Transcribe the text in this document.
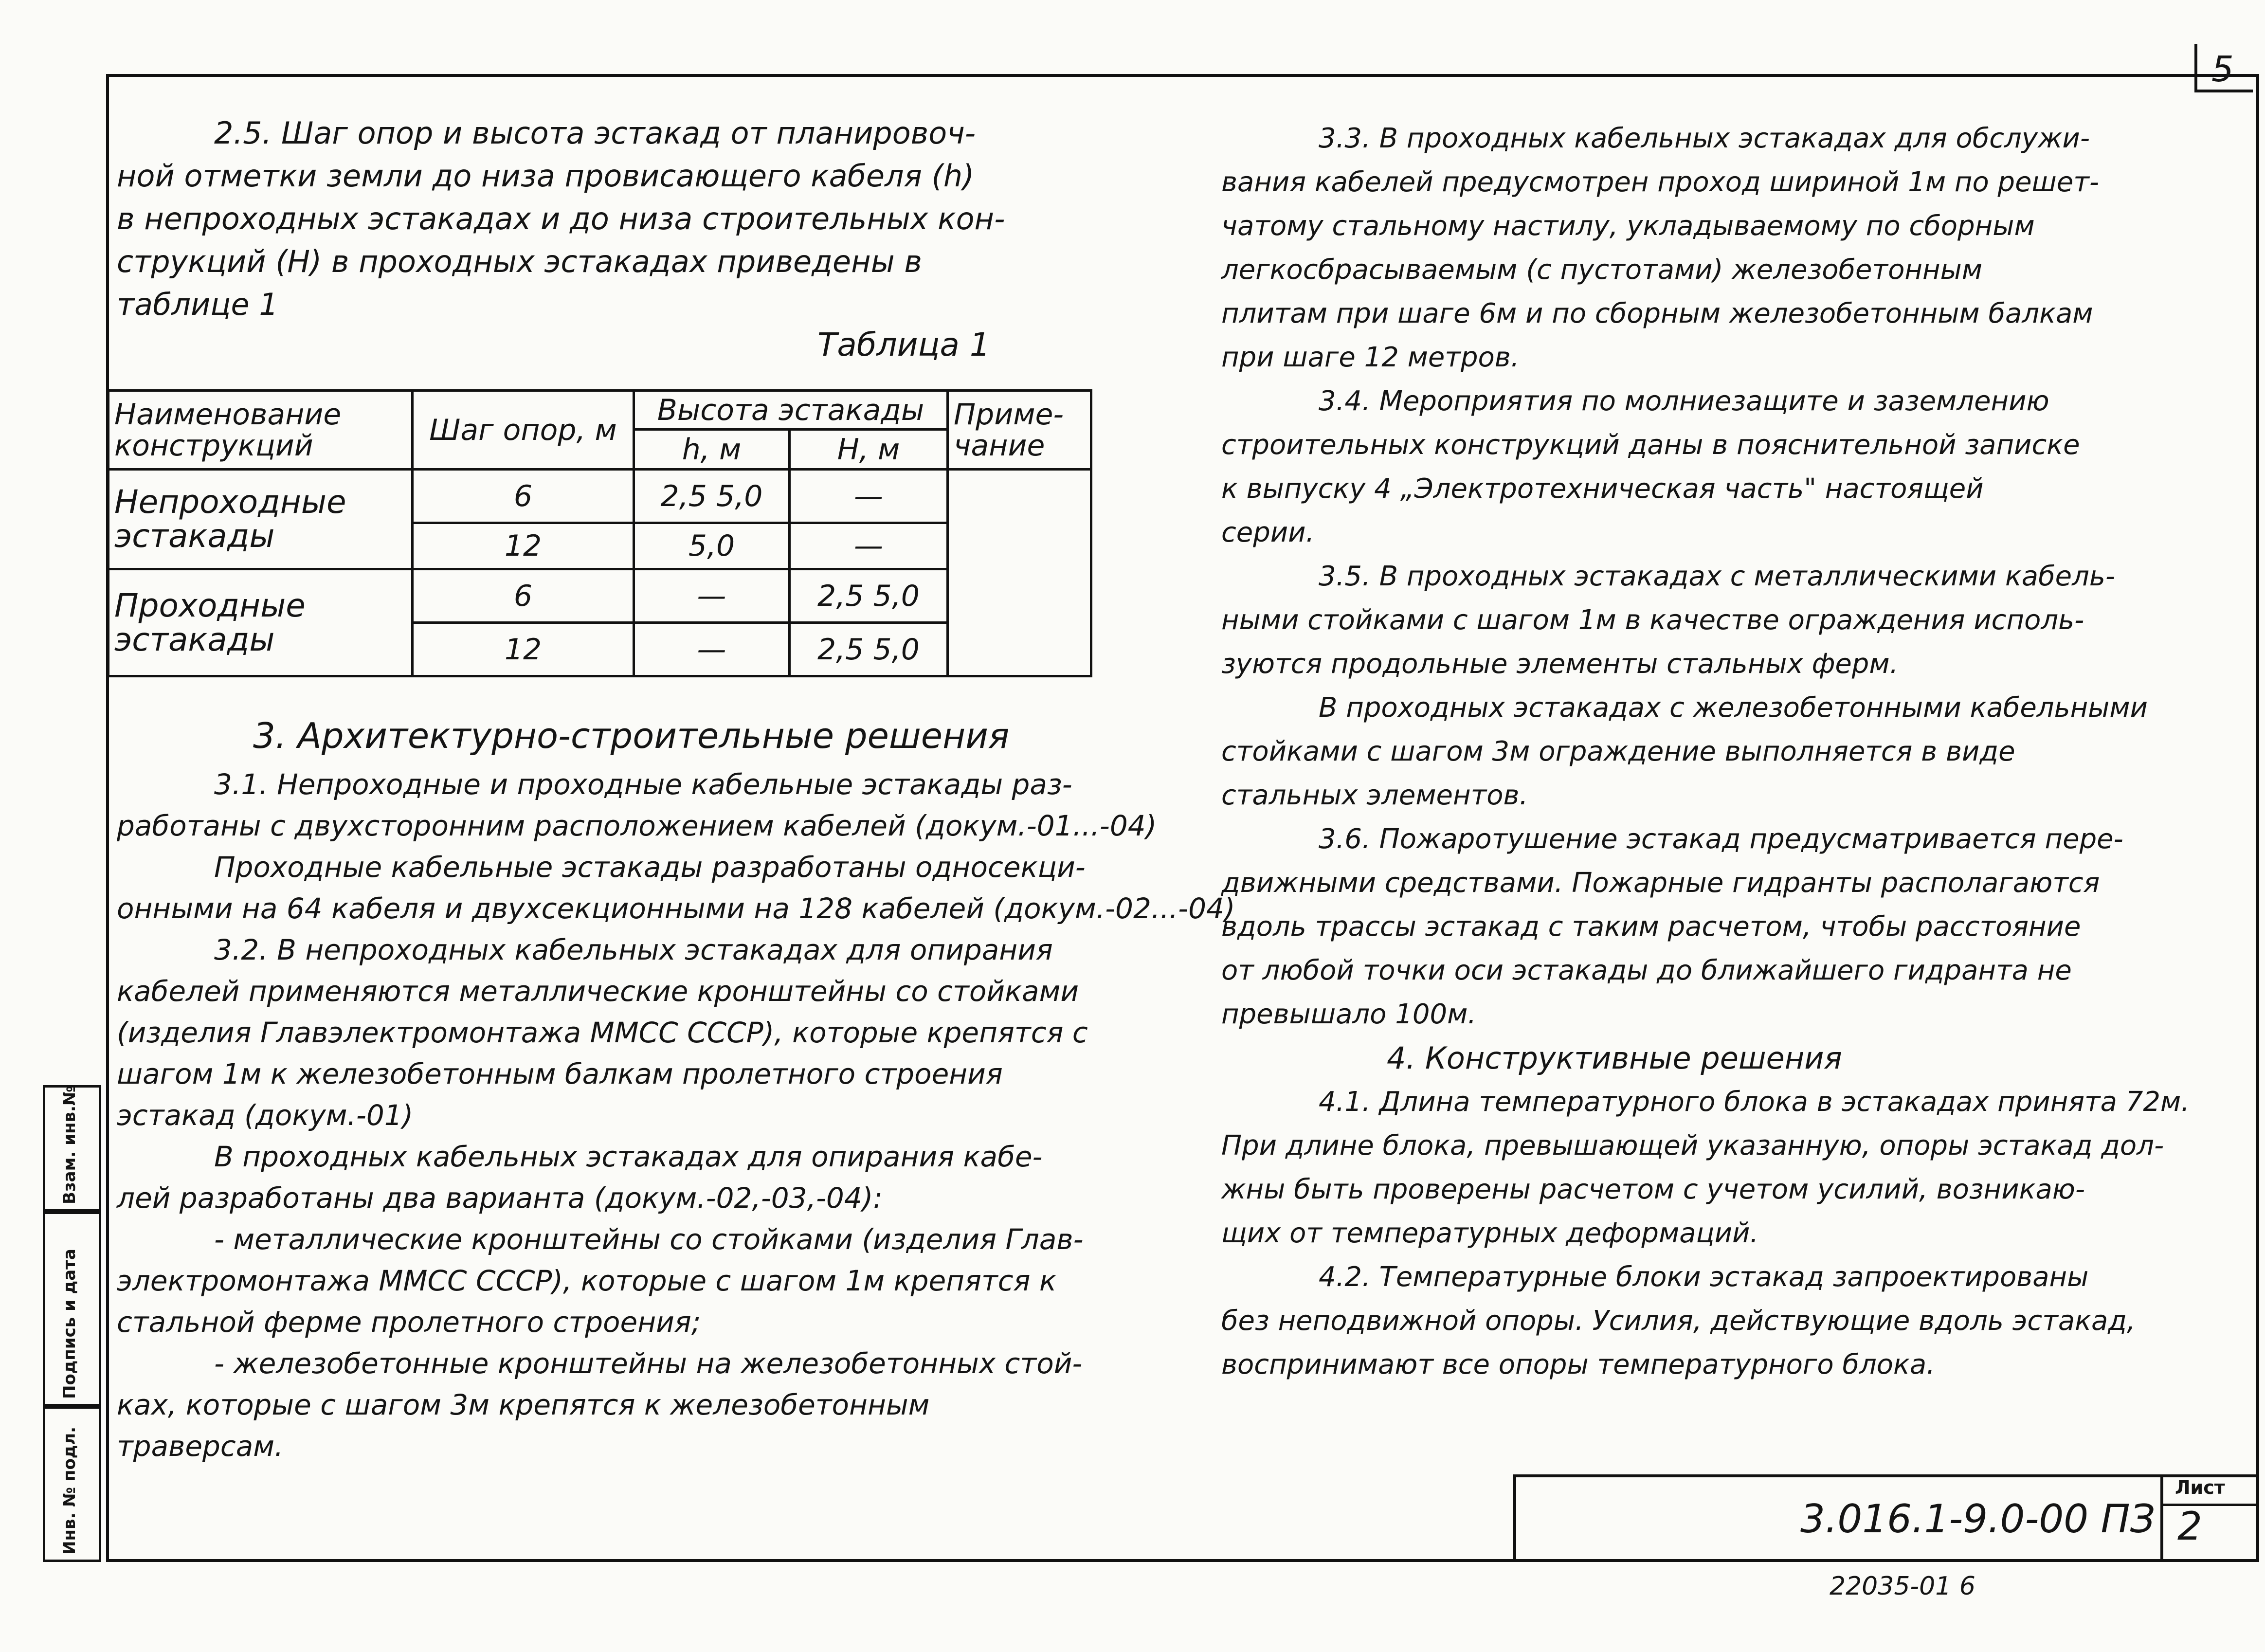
5
Взам. инв.№
Подпись и дата
Инв. № подл.
2.5. Шаг опор и высота эстакад от планировоч-
ной отметки земли до низа провисающего кабеля (h)
в непроходных эстакадах и до низа строительных кон-
струкций (H) в проходных эстакадах приведены в
таблице 1
Таблица 1
Наименование конструкций	Шаг опор, м	Высота эстакады		Приме- чание
		h, м	H, м	
Непроходные эстакады	6	2,5 5,0	—	
	12	5,0	—	
Проходные эстакады	6	—	2,5 5,0	
	12	—	2,5 5,0	
3. Архитектурно-строительные решения
3.1. Непроходные и проходные кабельные эстакады раз-
работаны с двухсторонним расположением кабелей (докум.-01...-04)
Проходные кабельные эстакады разработаны односекци-
онными на 64 кабеля и двухсекционными на 128 кабелей (докум.-02...-04)
3.2. В непроходных кабельных эстакадах для опирания
кабелей применяются металлические кронштейны со стойками
(изделия Главэлектромонтажа ММСС СССР), которые крепятся с
шагом 1м к железобетонным балкам пролетного строения
эстакад (докум.-01)
В проходных кабельных эстакадах для опирания кабе-
лей разработаны два варианта (докум.-02,-03,-04):
- металлические кронштейны со стойками (изделия Глав-
электромонтажа ММСС СССР), которые с шагом 1м крепятся к
стальной ферме пролетного строения;
- железобетонные кронштейны на железобетонных стой-
ках, которые с шагом 3м крепятся к железобетонным
траверсам.
3.3. В проходных кабельных эстакадах для обслужи-
вания кабелей предусмотрен проход шириной 1м по решет-
чатому стальному настилу, укладываемому по сборным
легкосбрасываемым (с пустотами) железобетонным
плитам при шаге 6м и по сборным железобетонным балкам
при шаге 12 метров.
3.4. Мероприятия по молниезащите и заземлению
строительных конструкций даны в пояснительной записке
к выпуску 4 „Электротехническая часть" настоящей
серии.
3.5. В проходных эстакадах с металлическими кабель-
ными стойками с шагом 1м в качестве ограждения исполь-
зуются продольные элементы стальных ферм.
В проходных эстакадах с железобетонными кабельными
стойками с шагом 3м ограждение выполняется в виде
стальных элементов.
3.6. Пожаротушение эстакад предусматривается пере-
движными средствами. Пожарные гидранты располагаются
вдоль трассы эстакад с таким расчетом, чтобы расстояние
от любой точки оси эстакады до ближайшего гидранта не
превышало 100м.
4. Конструктивные решения
4.1. Длина температурного блока в эстакадах принята 72м.
При длине блока, превышающей указанную, опоры эстакад дол-
жны быть проверены расчетом с учетом усилий, возникаю-
щих от температурных деформаций.
4.2. Температурные блоки эстакад запроектированы
без неподвижной опоры. Усилия, действующие вдоль эстакад,
воспринимают все опоры температурного блока.
3.016.1-9.0-00 ПЗ
Лист
2
22035-01 6
